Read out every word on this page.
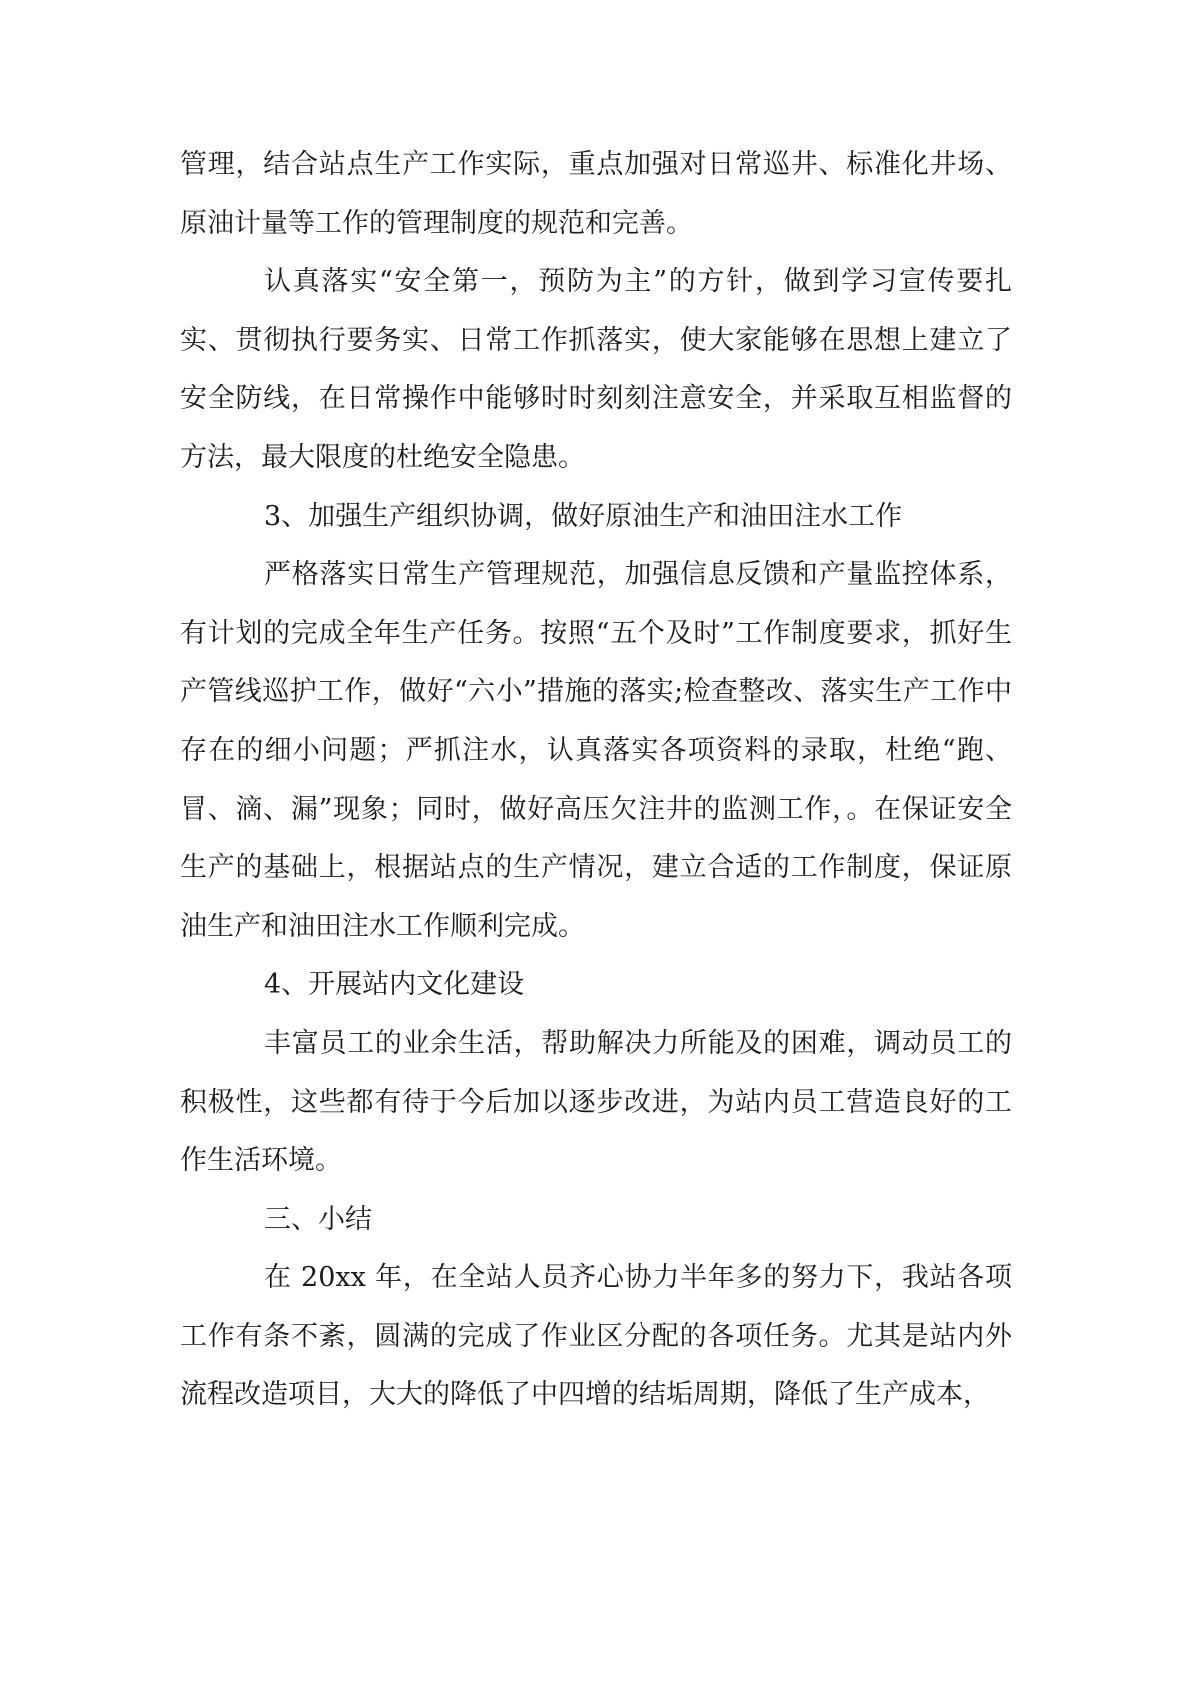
管理，结合站点生产工作实际，重点加强对日常巡井、标准化井场、原油计量等工作的管理制度的规范和完善。

认真落实“安全第一，预防为主”的方针，做到学习宣传要扎实、贯彻执行要务实、日常工作抓落实，使大家能够在思想上建立了安全防线，在日常操作中能够时时刻刻注意安全，并采取互相监督的方法，最大限度的杜绝安全隐患。

3、加强生产组织协调，做好原油生产和油田注水工作

严格落实日常生产管理规范，加强信息反馈和产量监控体系，有计划的完成全年生产任务。按照“五个及时”工作制度要求，抓好生产管线巡护工作，做好“六小”措施的落实;检查整改、落实生产工作中存在的细小问题；严抓注水，认真落实各项资料的录取，杜绝“跑、冒、滴、漏”现象；同时，做好高压欠注井的监测工作，。在保证安全生产的基础上，根据站点的生产情况，建立合适的工作制度，保证原油生产和油田注水工作顺利完成。

4、开展站内文化建设

丰富员工的业余生活，帮助解决力所能及的困难，调动员工的积极性，这些都有待于今后加以逐步改进，为站内员工营造良好的工作生活环境。

三、小结

在 20xx 年，在全站人员齐心协力半年多的努力下，我站各项工作有条不紊，圆满的完成了作业区分配的各项任务。尤其是站内外流程改造项目，大大的降低了中四增的结垢周期，降低了生产成本，
